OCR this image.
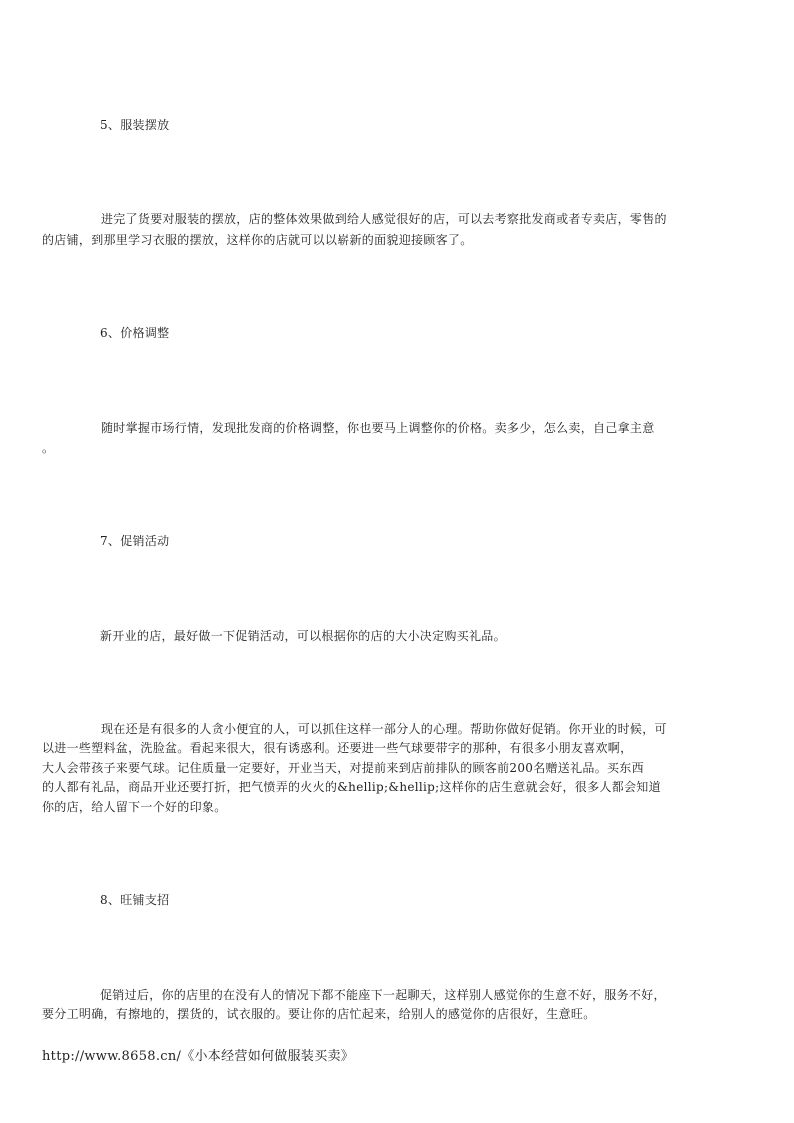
5、服装摆放
进完了货要对服装的摆放，店的整体效果做到给人感觉很好的店，可以去考察批发商或者专卖店，零售的
的店铺，到那里学习衣服的摆放，这样你的店就可以以崭新的面貌迎接顾客了。
6、价格调整
随时掌握市场行情，发现批发商的价格调整，你也要马上调整你的价格。卖多少，怎么卖，自己拿主意
。
7、促销活动
新开业的店，最好做一下促销活动，可以根据你的店的大小决定购买礼品。
现在还是有很多的人贪小便宜的人，可以抓住这样一部分人的心理。帮助你做好促销。你开业的时候，可
以进一些塑料盆，洗脸盆。看起来很大，很有诱惑利。还要进一些气球要带字的那种，有很多小朋友喜欢啊，
大人会带孩子来要气球。记住质量一定要好，开业当天，对提前来到店前排队的顾客前200名赠送礼品。买东西
的人都有礼品，商品开业还要打折，把气愤弄的火火的&hellip;&hellip;这样你的店生意就会好，很多人都会知道
你的店，给人留下一个好的印象。
8、旺铺支招
促销过后，你的店里的在没有人的情况下都不能座下一起聊天，这样别人感觉你的生意不好，服务不好，
要分工明确，有擦地的，摆货的，试衣服的。要让你的店忙起来，给别人的感觉你的店很好，生意旺。
http://www.8658.cn/《小本经营如何做服装买卖》
